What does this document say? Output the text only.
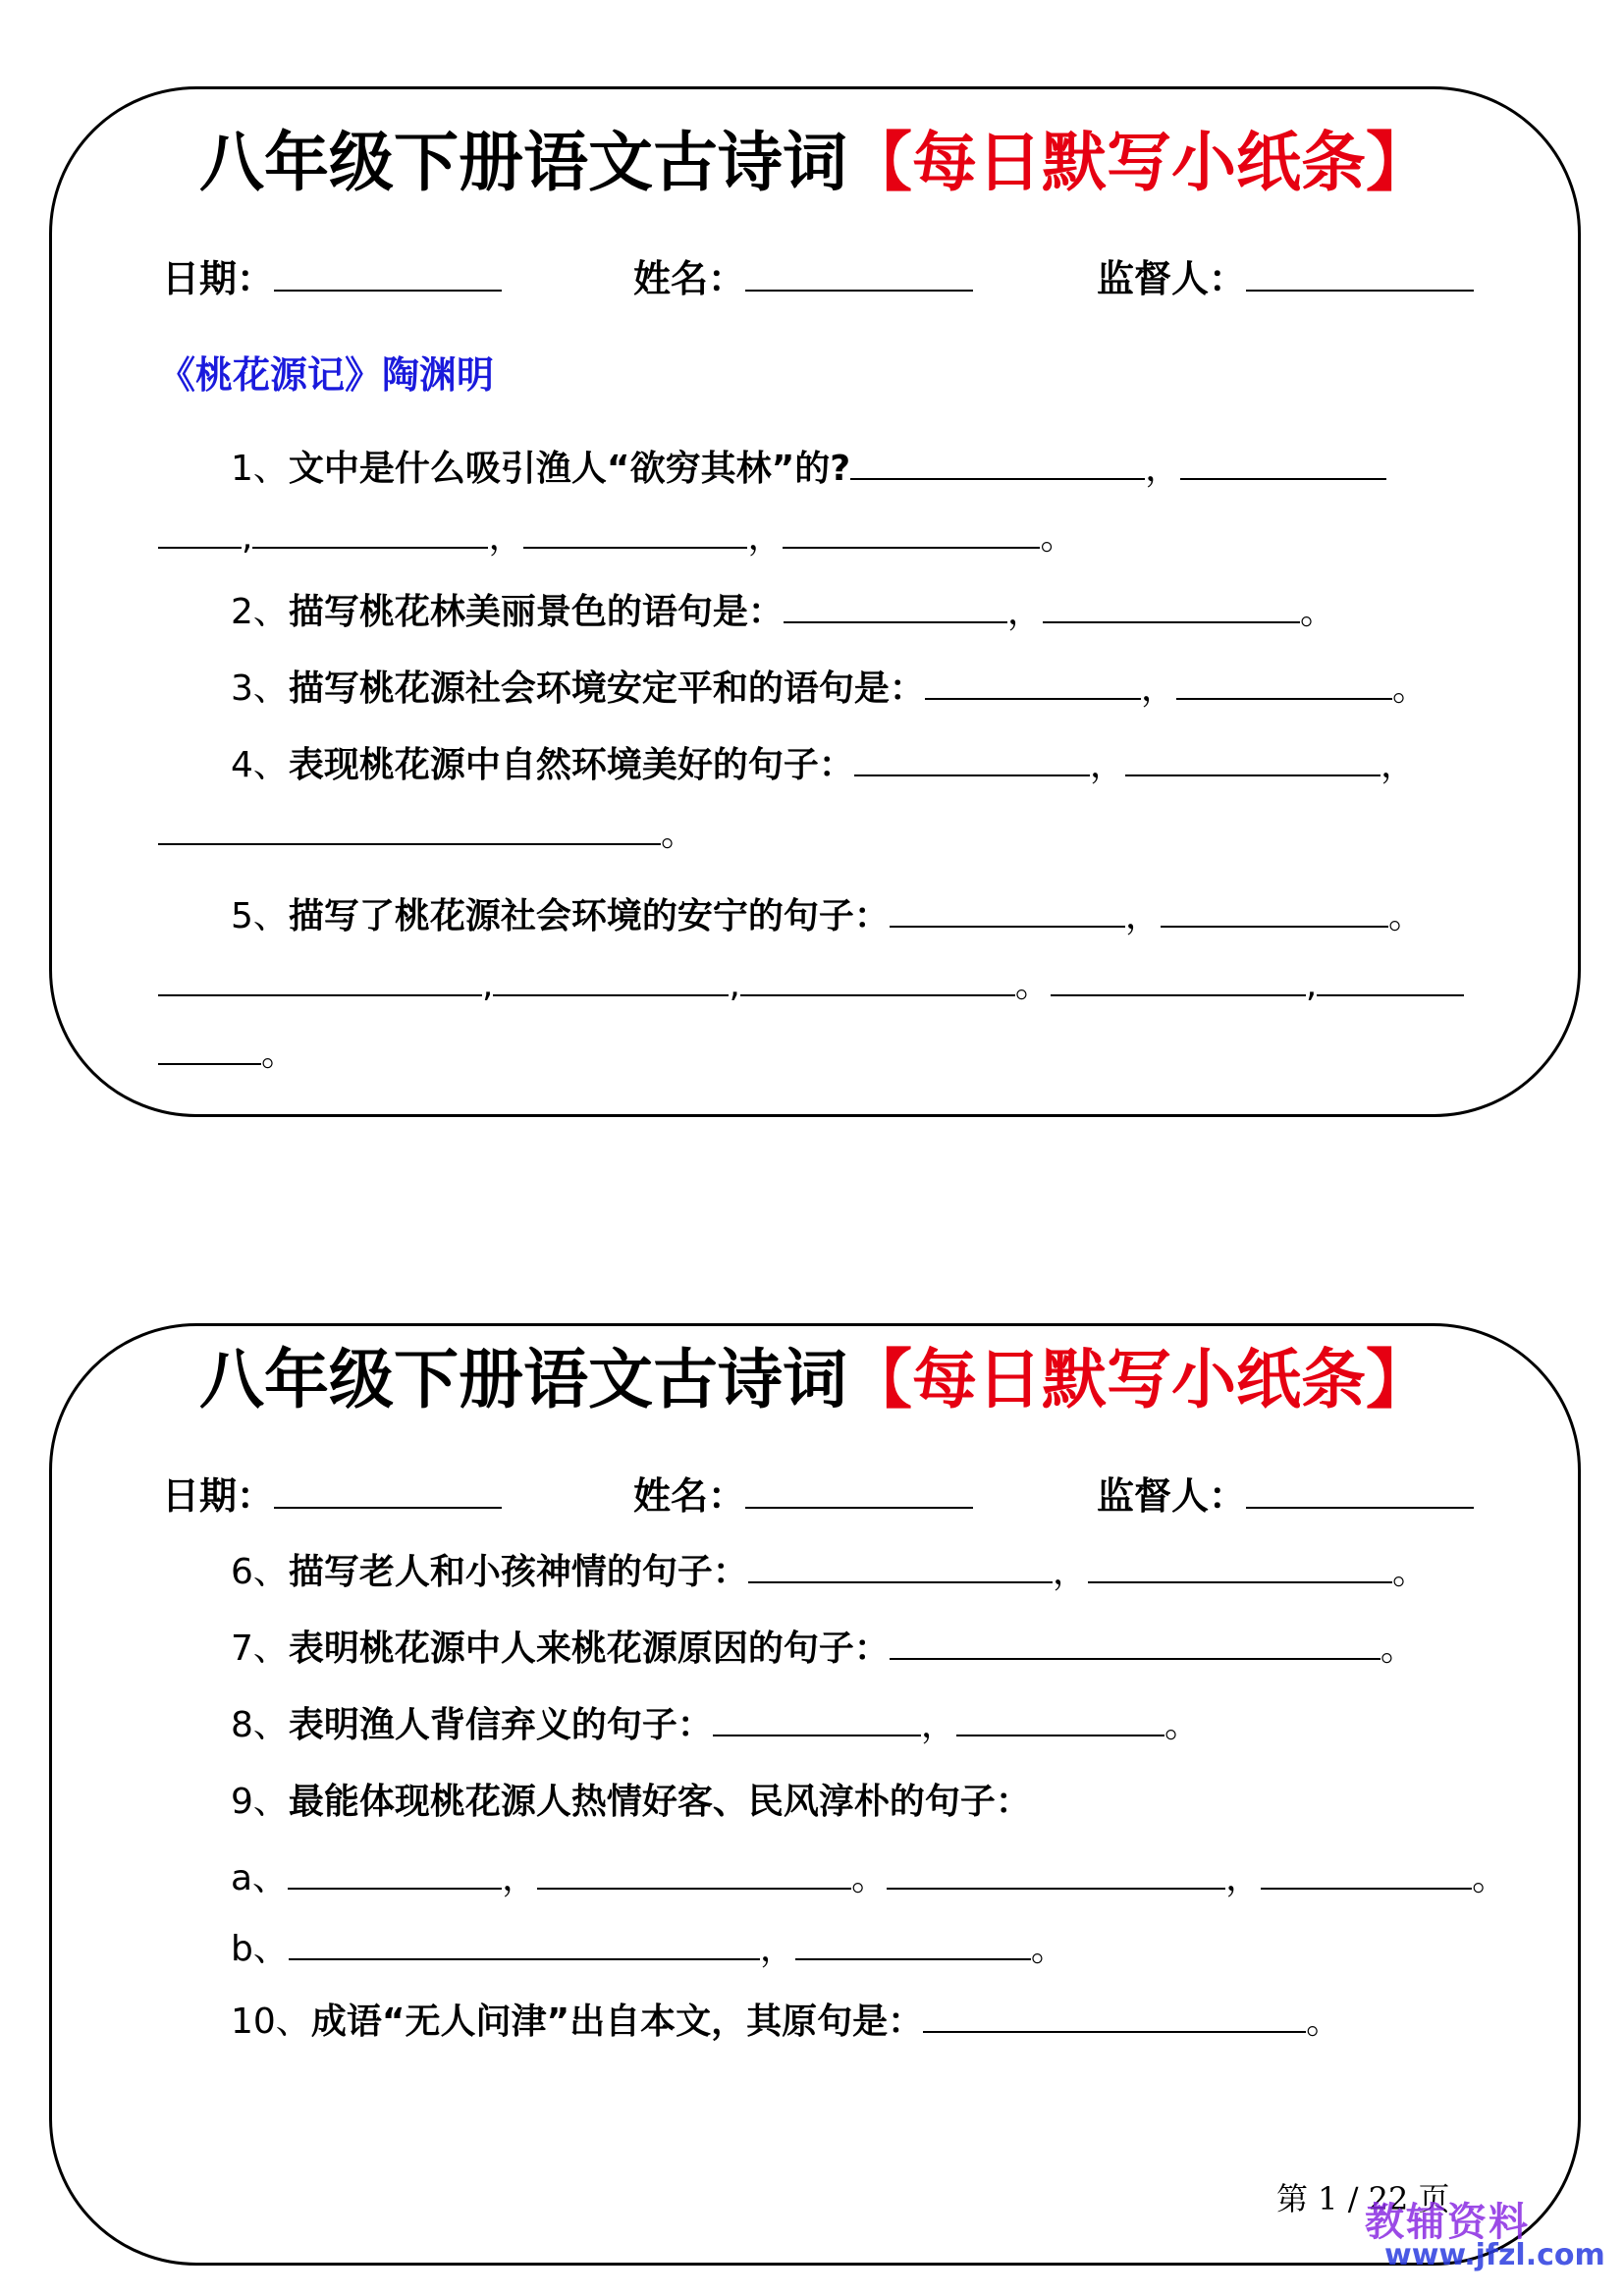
八年级下册语文古诗词【每日默写小纸条】
日期：	姓名：	监督人：
《桃花源记》陶渊明
1、文中是什么吸引渔人“欲穷其林”的?	，
,	，	，	。
2、描写桃花林美丽景色的语句是：	，	。
3、描写桃花源社会环境安定平和的语句是：	，	。
4、表现桃花源中自然环境美好的句子：	，	，
。
5、描写了桃花源社会环境的安宁的句子：	，	。
,	,	。	,
。
八年级下册语文古诗词【每日默写小纸条】
日期：	姓名：	监督人：
6、描写老人和小孩神情的句子：	，	。
7、表明桃花源中人来桃花源原因的句子：	。
8、表明渔人背信弃义的句子：	，	。
9、最能体现桃花源人热情好客、民风淳朴的句子：
a、	，	。	，	。
b、	，	。
10、成语“无人问津”出自本文，其原句是：	。
第 1 / 22 页
教辅资料
www.jfzl.com
